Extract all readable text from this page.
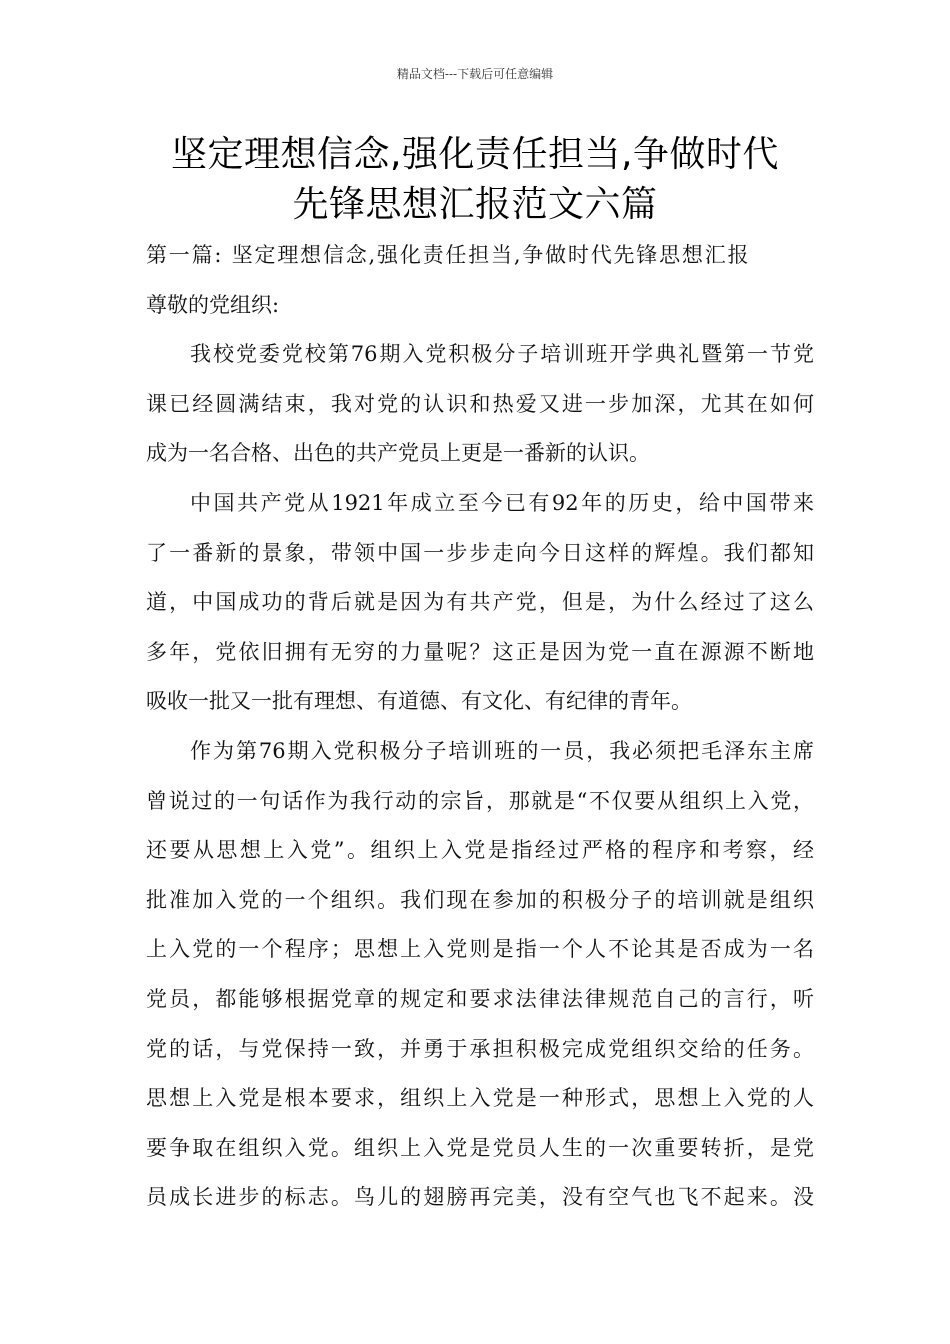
精品文档---下载后可任意编辑
坚定理想信念,强化责任担当,争做时代
先锋思想汇报范文六篇
第一篇: 坚定理想信念,强化责任担当,争做时代先锋思想汇报
尊敬的党组织:
我校党委党校第76期入党积极分子培训班开学典礼暨第一节党
课已经圆满结束，我对党的认识和热爱又进一步加深，尤其在如何
成为一名合格、出色的共产党员上更是一番新的认识。
中国共产党从1921年成立至今已有92年的历史，给中国带来
了一番新的景象，带领中国一步步走向今日这样的辉煌。我们都知
道，中国成功的背后就是因为有共产党，但是，为什么经过了这么
多年，党依旧拥有无穷的力量呢？这正是因为党一直在源源不断地
吸收一批又一批有理想、有道德、有文化、有纪律的青年。
作为第76期入党积极分子培训班的一员，我必须把毛泽东主席
曾说过的一句话作为我行动的宗旨，那就是“不仅要从组织上入党，
还要从思想上入党”。组织上入党是指经过严格的程序和考察，经
批准加入党的一个组织。我们现在参加的积极分子的培训就是组织
上入党的一个程序；思想上入党则是指一个人不论其是否成为一名
党员，都能够根据党章的规定和要求法律法律规范自己的言行，听
党的话，与党保持一致，并勇于承担积极完成党组织交给的任务。
思想上入党是根本要求，组织上入党是一种形式，思想上入党的人
要争取在组织入党。组织上入党是党员人生的一次重要转折，是党
员成长进步的标志。鸟儿的翅膀再完美，没有空气也飞不起来。没
